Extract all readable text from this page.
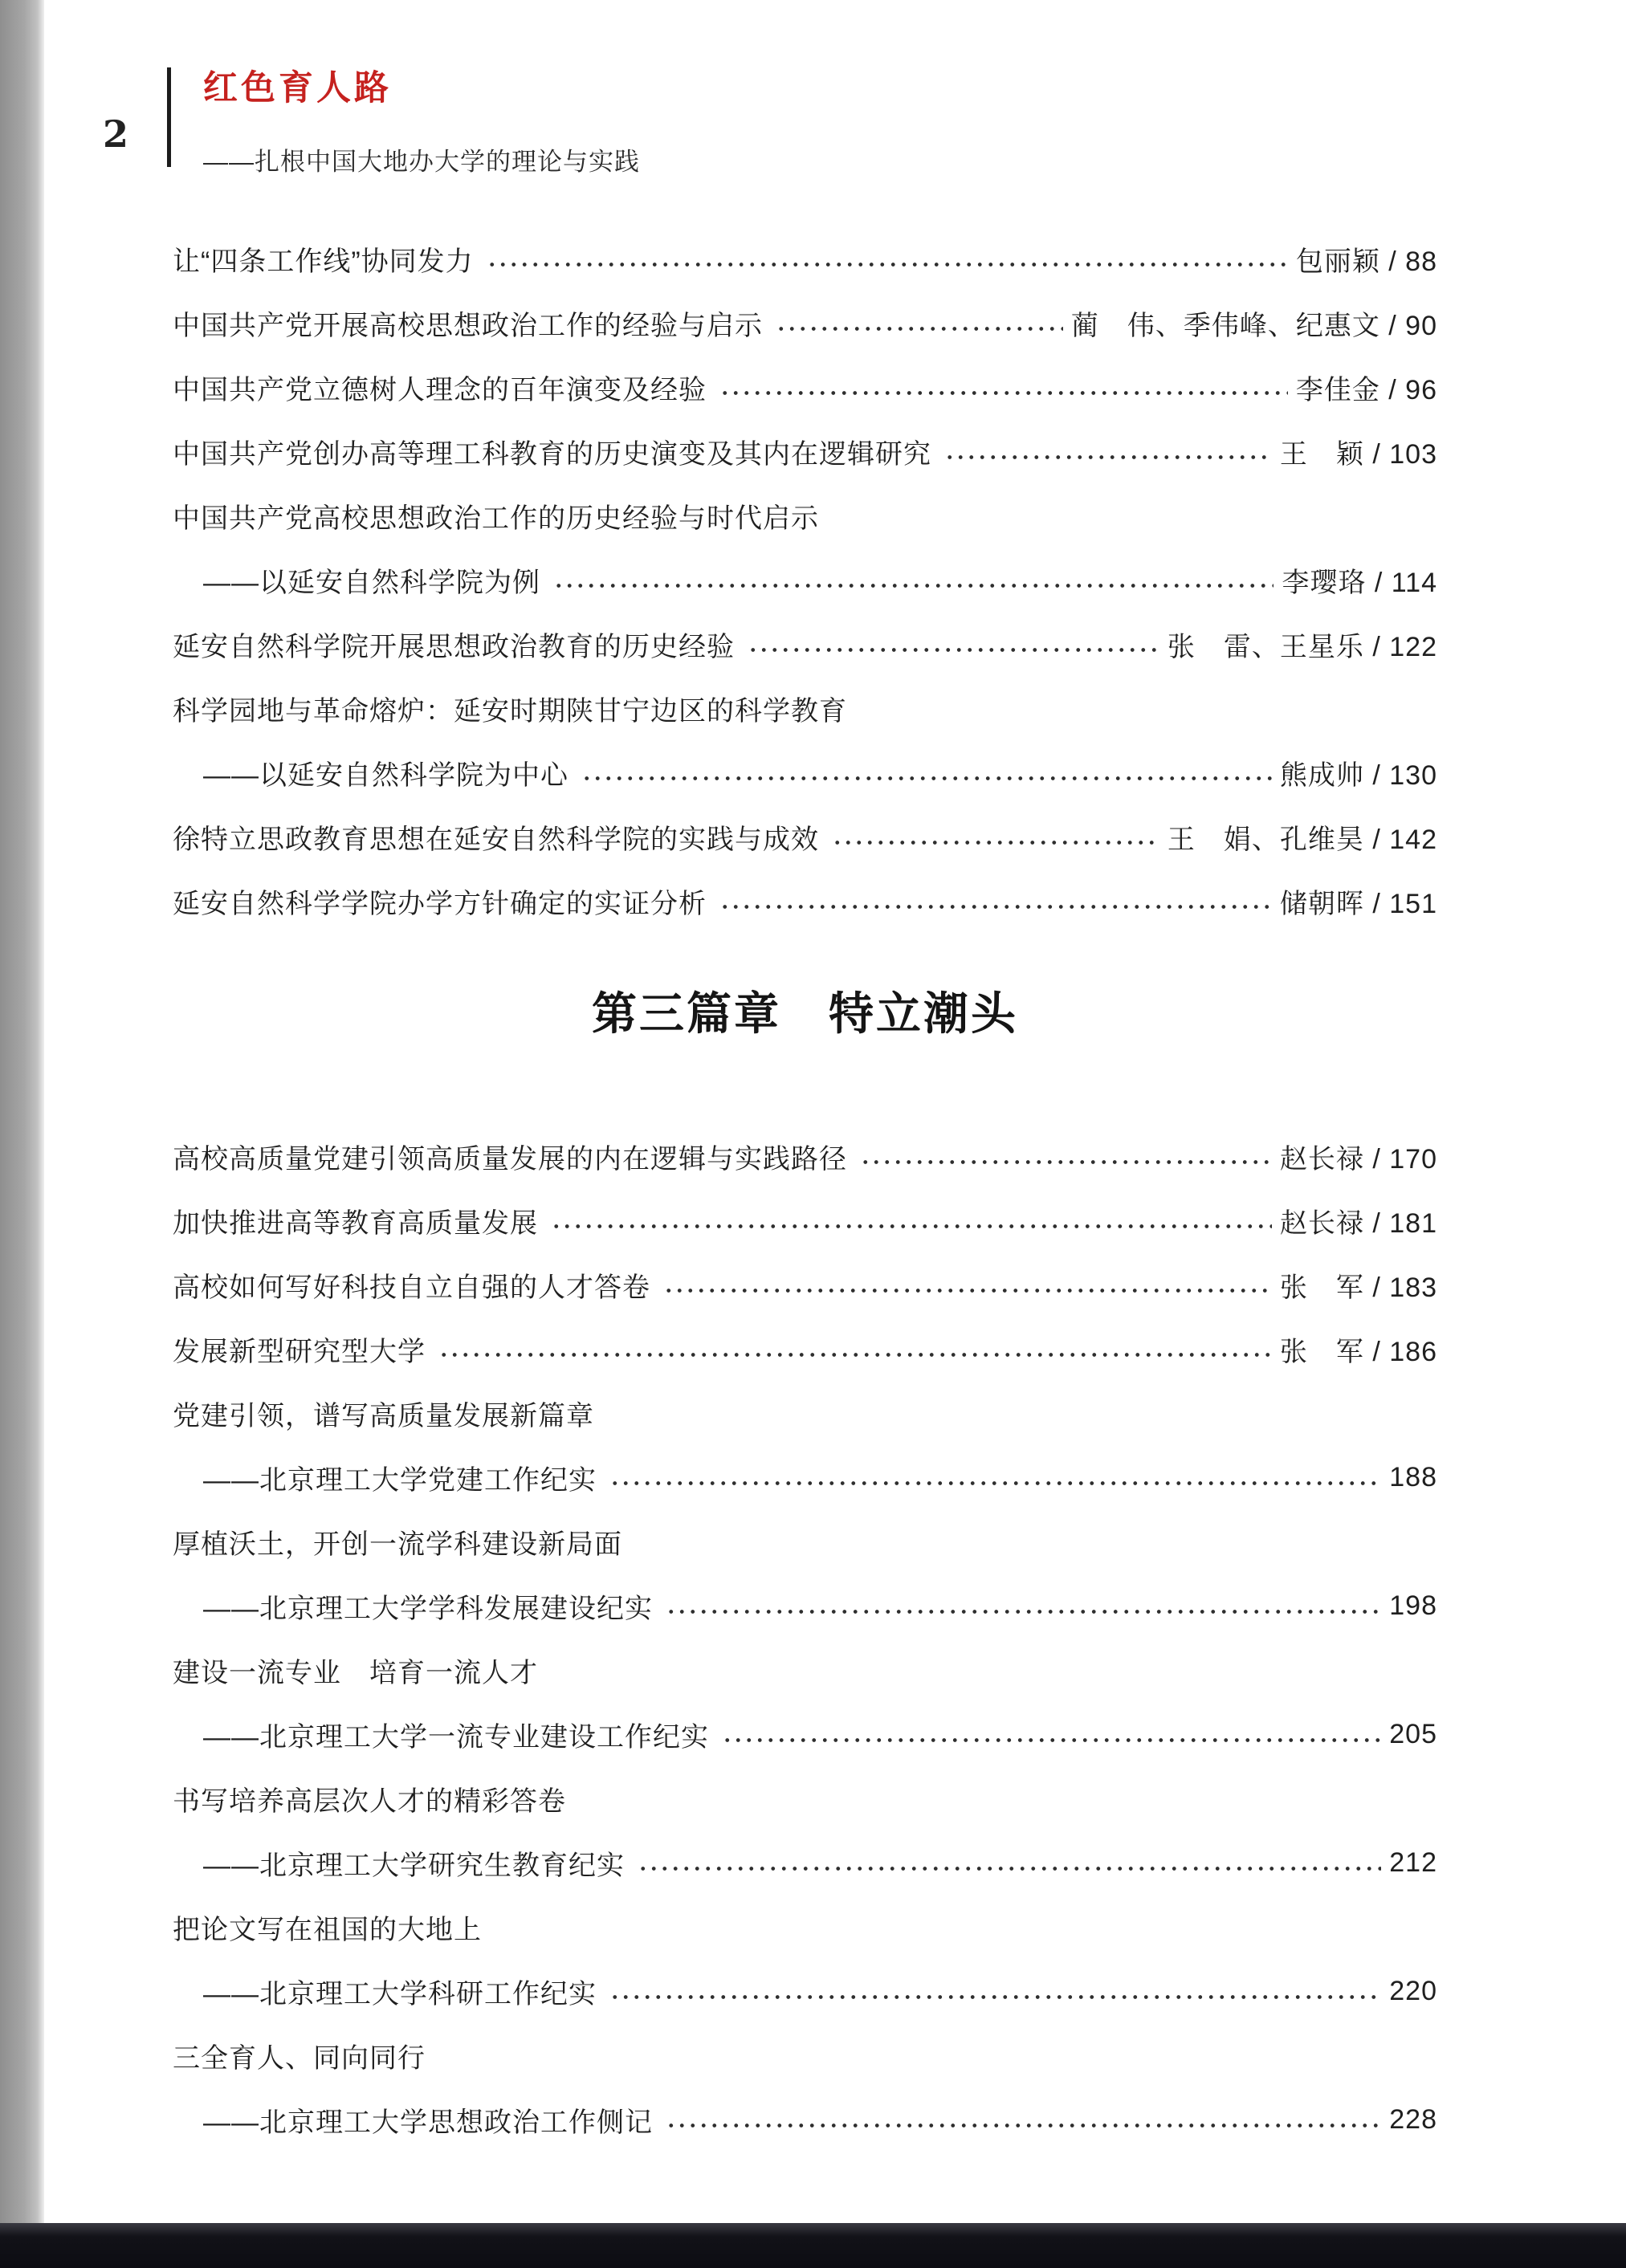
2
红色育人路
——扎根中国大地办大学的理论与实践
让“四条工作线”协同发力	包丽颖 / 88
中国共产党开展高校思想政治工作的经验与启示	蔺　伟、季伟峰、纪惠文 / 90
中国共产党立德树人理念的百年演变及经验	李佳金 / 96
中国共产党创办高等理工科教育的历史演变及其内在逻辑研究	王　颖 / 103
中国共产党高校思想政治工作的历史经验与时代启示
——以延安自然科学院为例	李璎珞 / 114
延安自然科学院开展思想政治教育的历史经验	张　雷、王星乐 / 122
科学园地与革命熔炉：延安时期陕甘宁边区的科学教育
——以延安自然科学院为中心	熊成帅 / 130
徐特立思政教育思想在延安自然科学院的实践与成效	王　娟、孔维昊 / 142
延安自然科学学院办学方针确定的实证分析	储朝晖 / 151
第三篇章　特立潮头
高校高质量党建引领高质量发展的内在逻辑与实践路径	赵长禄 / 170
加快推进高等教育高质量发展	赵长禄 / 181
高校如何写好科技自立自强的人才答卷	张　军 / 183
发展新型研究型大学	张　军 / 186
党建引领，谱写高质量发展新篇章
——北京理工大学党建工作纪实	188
厚植沃土，开创一流学科建设新局面
——北京理工大学学科发展建设纪实	198
建设一流专业　培育一流人才
——北京理工大学一流专业建设工作纪实	205
书写培养高层次人才的精彩答卷
——北京理工大学研究生教育纪实	212
把论文写在祖国的大地上
——北京理工大学科研工作纪实	220
三全育人、同向同行
——北京理工大学思想政治工作侧记	228
